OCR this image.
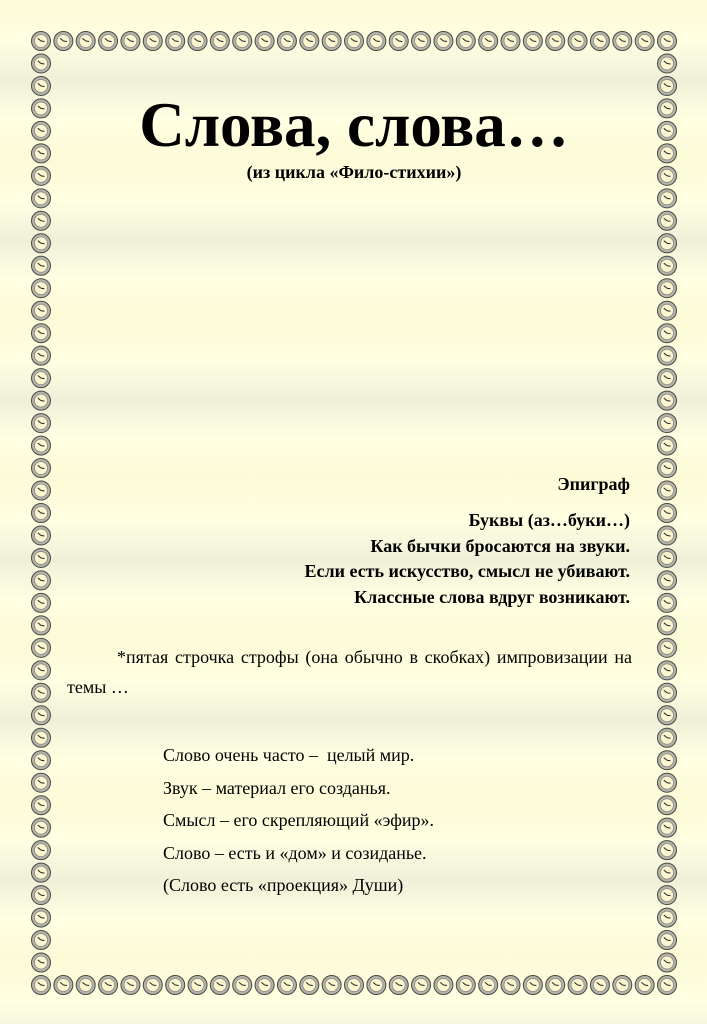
Слова, слова…
(из цикла «Фило-стихии»)
Эпиграф
Буквы (аз…буки…)
Как бычки бросаются на звуки.
Если есть искусство, смысл не убивают.
Классные слова вдруг возникают.
*пятая строчка строфы (она обычно в скобках) импровизации на темы …
Слово очень часто –  целый мир.
Звук – материал его созданья.
Смысл – его скрепляющий «эфир».
Слово – есть и «дом» и созиданье.
(Слово есть «проекция» Души)
